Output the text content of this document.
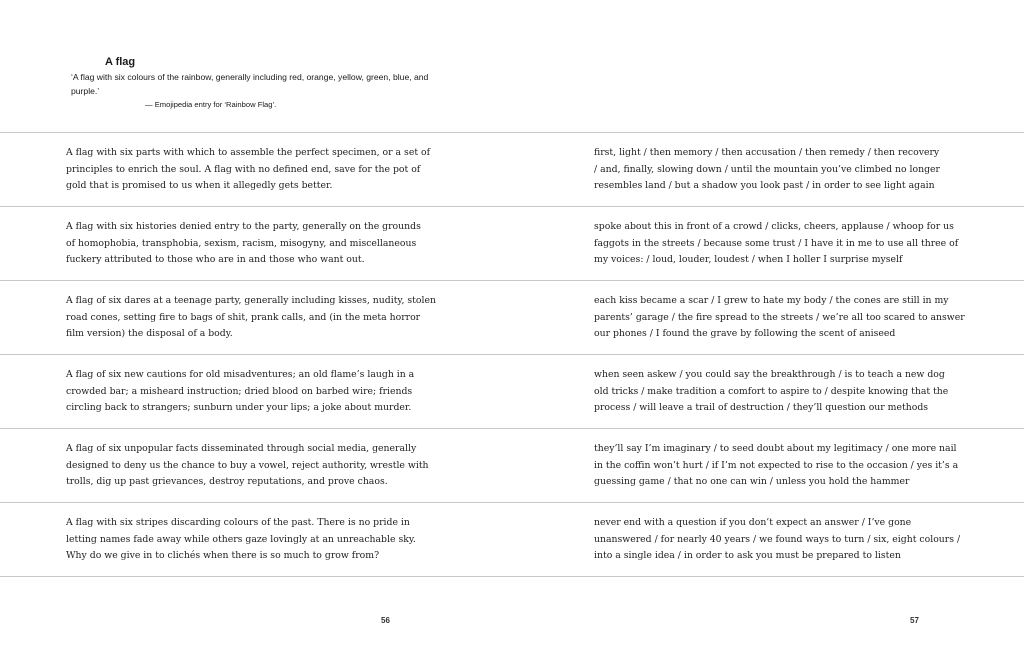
A flag

‘A flag with six colours of the rainbow, generally including red, orange, yellow, green, blue, and purple.’

— Emojipedia entry for ‘Rainbow Flag’.

A flag with six parts with which to assemble the perfect specimen, or a set of
principles to enrich the soul. A flag with no defined end, save for the pot of
gold that is promised to us when it allegedly gets better.

first, light / then memory / then accusation / then remedy / then recovery
/ and, finally, slowing down / until the mountain you’ve climbed no longer
resembles land / but a shadow you look past / in order to see light again

A flag with six histories denied entry to the party, generally on the grounds
of homophobia, transphobia, sexism, racism, misogyny, and miscellaneous
fuckery attributed to those who are in and those who want out.

spoke about this in front of a crowd / clicks, cheers, applause / whoop for us
faggots in the streets / because some trust / I have it in me to use all three of
my voices: / loud, louder, loudest / when I holler I surprise myself

A flag of six dares at a teenage party, generally including kisses, nudity, stolen
road cones, setting fire to bags of shit, prank calls, and (in the meta horror
film version) the disposal of a body.

each kiss became a scar / I grew to hate my body / the cones are still in my
parents’ garage / the fire spread to the streets / we’re all too scared to answer
our phones / I found the grave by following the scent of aniseed

A flag of six new cautions for old misadventures; an old flame’s laugh in a
crowded bar; a misheard instruction; dried blood on barbed wire; friends
circling back to strangers; sunburn under your lips; a joke about murder.

when seen askew / you could say the breakthrough / is to teach a new dog
old tricks / make tradition a comfort to aspire to / despite knowing that the
process / will leave a trail of destruction / they’ll question our methods

A flag of six unpopular facts disseminated through social media, generally
designed to deny us the chance to buy a vowel, reject authority, wrestle with
trolls, dig up past grievances, destroy reputations, and prove chaos.

they’ll say I’m imaginary / to seed doubt about my legitimacy / one more nail
in the coffin won’t hurt / if I’m not expected to rise to the occasion / yes it’s a
guessing game / that no one can win / unless you hold the hammer

A flag with six stripes discarding colours of the past. There is no pride in
letting names fade away while others gaze lovingly at an unreachable sky.
Why do we give in to clichés when there is so much to grow from?

never end with a question if you don’t expect an answer / I’ve gone
unanswered / for nearly 40 years / we found ways to turn / six, eight colours /
into a single idea / in order to ask you must be prepared to listen

56	57
